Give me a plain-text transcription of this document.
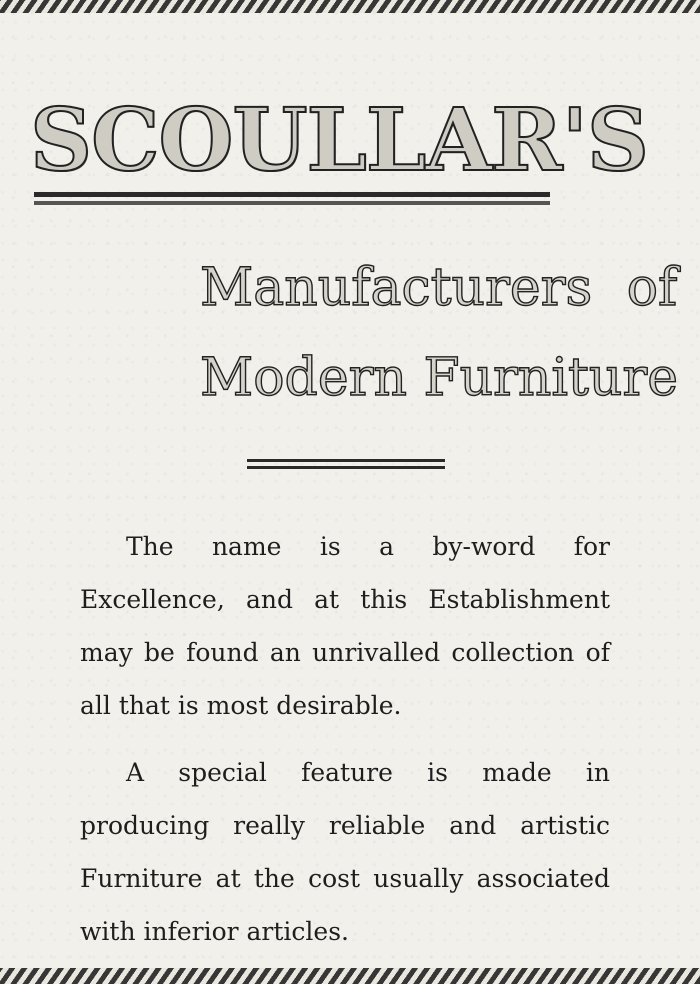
SCOULLAR'S
Manufacturers of
Modern Furniture

The name is a by-word for Excellence, and at this Establishment may be found an unrivalled collection of all that is most desirable.

A special feature is made in producing really reliable and artistic Furniture at the cost usually associated with inferior articles.
